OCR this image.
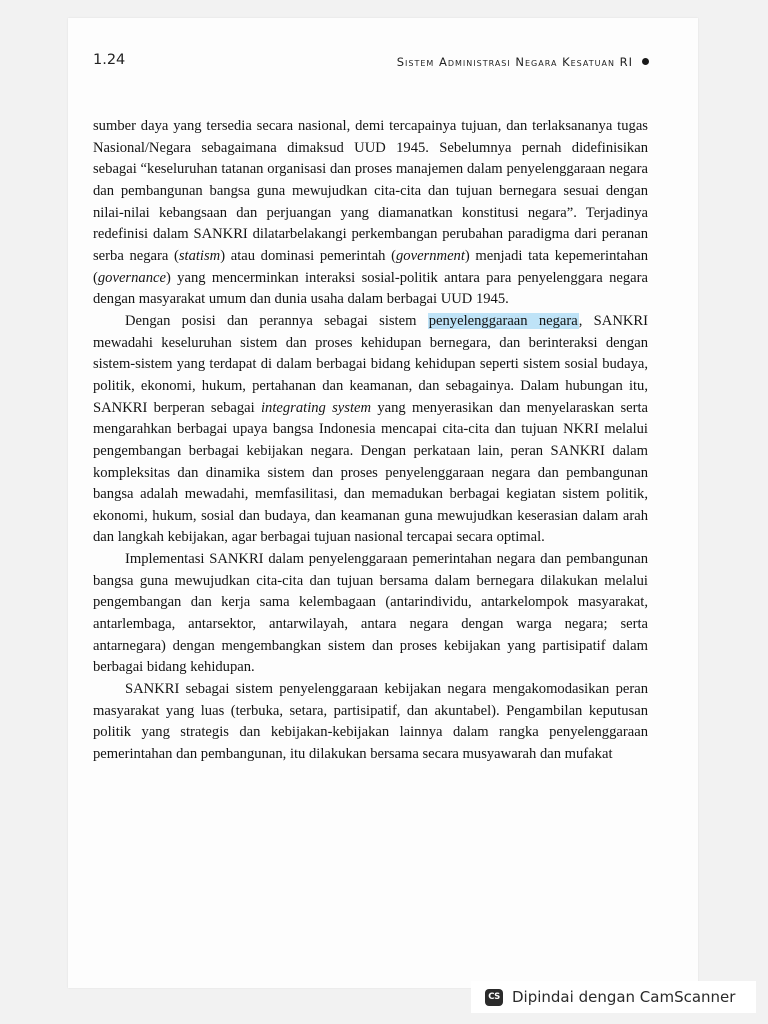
1.24	Sistem Administrasi Negara Kesatuan RI

sumber daya yang tersedia secara nasional, demi tercapainya tujuan, dan terlaksananya tugas Nasional/Negara sebagaimana dimaksud UUD 1945. Sebelumnya pernah didefinisikan sebagai “keseluruhan tatanan organisasi dan proses manajemen dalam penyelenggaraan negara dan pembangunan bangsa guna mewujudkan cita-cita dan tujuan bernegara sesuai dengan nilai-nilai kebangsaan dan perjuangan yang diamanatkan konstitusi negara”. Terjadinya redefinisi dalam SANKRI dilatarbelakangi perkembangan perubahan paradigma dari peranan serba negara (statism) atau dominasi pemerintah (government) menjadi tata kepemerintahan (governance) yang mencerminkan interaksi sosial-politik antara para penyelenggara negara dengan masyarakat umum dan dunia usaha dalam berbagai UUD 1945.

Dengan posisi dan perannya sebagai sistem penyelenggaraan negara, SANKRI mewadahi keseluruhan sistem dan proses kehidupan bernegara, dan berinteraksi dengan sistem-sistem yang terdapat di dalam berbagai bidang kehidupan seperti sistem sosial budaya, politik, ekonomi, hukum, pertahanan dan keamanan, dan sebagainya. Dalam hubungan itu, SANKRI berperan sebagai integrating system yang menyerasikan dan menyelaraskan serta mengarahkan berbagai upaya bangsa Indonesia mencapai cita-cita dan tujuan NKRI melalui pengembangan berbagai kebijakan negara. Dengan perkataan lain, peran SANKRI dalam kompleksitas dan dinamika sistem dan proses penyelenggaraan negara dan pembangunan bangsa adalah mewadahi, memfasilitasi, dan memadukan berbagai kegiatan sistem politik, ekonomi, hukum, sosial dan budaya, dan keamanan guna mewujudkan keserasian dalam arah dan langkah kebijakan, agar berbagai tujuan nasional tercapai secara optimal.

Implementasi SANKRI dalam penyelenggaraan pemerintahan negara dan pembangunan bangsa guna mewujudkan cita-cita dan tujuan bersama dalam bernegara dilakukan melalui pengembangan dan kerja sama kelembagaan (antarindividu, antarkelompok masyarakat, antarlembaga, antarsektor, antarwilayah, antara negara dengan warga negara; serta antarnegara) dengan mengembangkan sistem dan proses kebijakan yang partisipatif dalam berbagai bidang kehidupan.

SANKRI sebagai sistem penyelenggaraan kebijakan negara mengakomodasikan peran masyarakat yang luas (terbuka, setara, partisipatif, dan akuntabel). Pengambilan keputusan politik yang strategis dan kebijakan-kebijakan lainnya dalam rangka penyelenggaraan pemerintahan dan pembangunan, itu dilakukan bersama secara musyawarah dan mufakat

CS Dipindai dengan CamScanner
